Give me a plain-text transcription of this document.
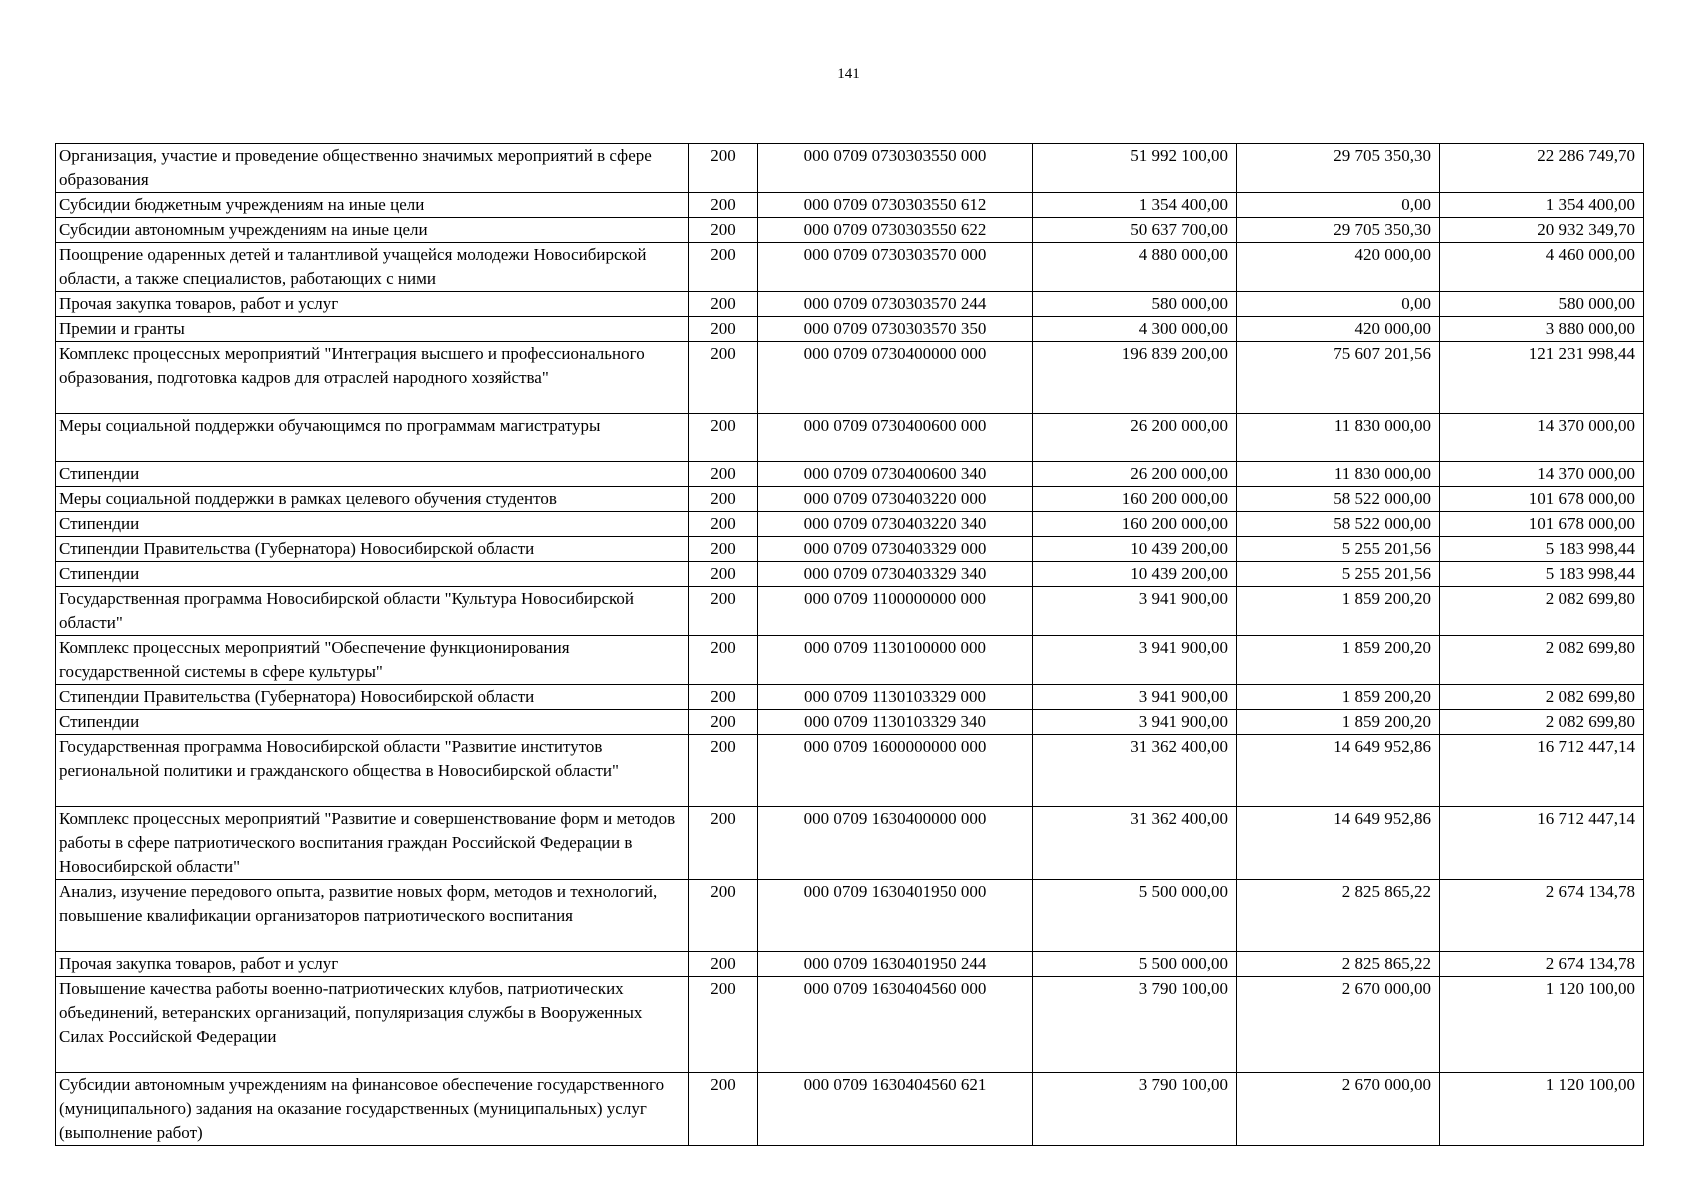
141
Организация, участие и проведение общественно значимых мероприятий в сфере образования	200	000 0709 0730303550 000	51 992 100,00	29 705 350,30	22 286 749,70
Субсидии бюджетным учреждениям на иные цели	200	000 0709 0730303550 612	1 354 400,00	0,00	1 354 400,00
Субсидии автономным учреждениям на иные цели	200	000 0709 0730303550 622	50 637 700,00	29 705 350,30	20 932 349,70
Поощрение одаренных детей и талантливой учащейся молодежи Новосибирской области, а также специалистов, работающих с ними	200	000 0709 0730303570 000	4 880 000,00	420 000,00	4 460 000,00
Прочая закупка товаров, работ и услуг	200	000 0709 0730303570 244	580 000,00	0,00	580 000,00
Премии и гранты	200	000 0709 0730303570 350	4 300 000,00	420 000,00	3 880 000,00
Комплекс процессных мероприятий "Интеграция высшего и профессионального образования, подготовка кадров для отраслей народного хозяйства"	200	000 0709 0730400000 000	196 839 200,00	75 607 201,56	121 231 998,44
Меры социальной поддержки обучающимся по программам магистратуры	200	000 0709 0730400600 000	26 200 000,00	11 830 000,00	14 370 000,00
Стипендии	200	000 0709 0730400600 340	26 200 000,00	11 830 000,00	14 370 000,00
Меры социальной поддержки в рамках целевого обучения студентов	200	000 0709 0730403220 000	160 200 000,00	58 522 000,00	101 678 000,00
Стипендии	200	000 0709 0730403220 340	160 200 000,00	58 522 000,00	101 678 000,00
Стипендии Правительства (Губернатора) Новосибирской области	200	000 0709 0730403329 000	10 439 200,00	5 255 201,56	5 183 998,44
Стипендии	200	000 0709 0730403329 340	10 439 200,00	5 255 201,56	5 183 998,44
Государственная программа Новосибирской области "Культура Новосибирской области"	200	000 0709 1100000000 000	3 941 900,00	1 859 200,20	2 082 699,80
Комплекс процессных мероприятий "Обеспечение функционирования государственной системы в сфере культуры"	200	000 0709 1130100000 000	3 941 900,00	1 859 200,20	2 082 699,80
Стипендии Правительства (Губернатора) Новосибирской области	200	000 0709 1130103329 000	3 941 900,00	1 859 200,20	2 082 699,80
Стипендии	200	000 0709 1130103329 340	3 941 900,00	1 859 200,20	2 082 699,80
Государственная программа Новосибирской области "Развитие институтов региональной политики и гражданского общества в Новосибирской области"	200	000 0709 1600000000 000	31 362 400,00	14 649 952,86	16 712 447,14
Комплекс процессных мероприятий "Развитие и совершенствование форм и методов работы в сфере патриотического воспитания граждан Российской Федерации в Новосибирской области"	200	000 0709 1630400000 000	31 362 400,00	14 649 952,86	16 712 447,14
Анализ, изучение передового опыта, развитие новых форм, методов и технологий, повышение квалификации организаторов патриотического воспитания	200	000 0709 1630401950 000	5 500 000,00	2 825 865,22	2 674 134,78
Прочая закупка товаров, работ и услуг	200	000 0709 1630401950 244	5 500 000,00	2 825 865,22	2 674 134,78
Повышение качества работы военно-патриотических клубов, патриотических объединений, ветеранских организаций, популяризация службы в Вооруженных Силах Российской Федерации	200	000 0709 1630404560 000	3 790 100,00	2 670 000,00	1 120 100,00
Субсидии автономным учреждениям на финансовое обеспечение государственного (муниципального) задания на оказание государственных (муниципальных) услуг (выполнение работ)	200	000 0709 1630404560 621	3 790 100,00	2 670 000,00	1 120 100,00
